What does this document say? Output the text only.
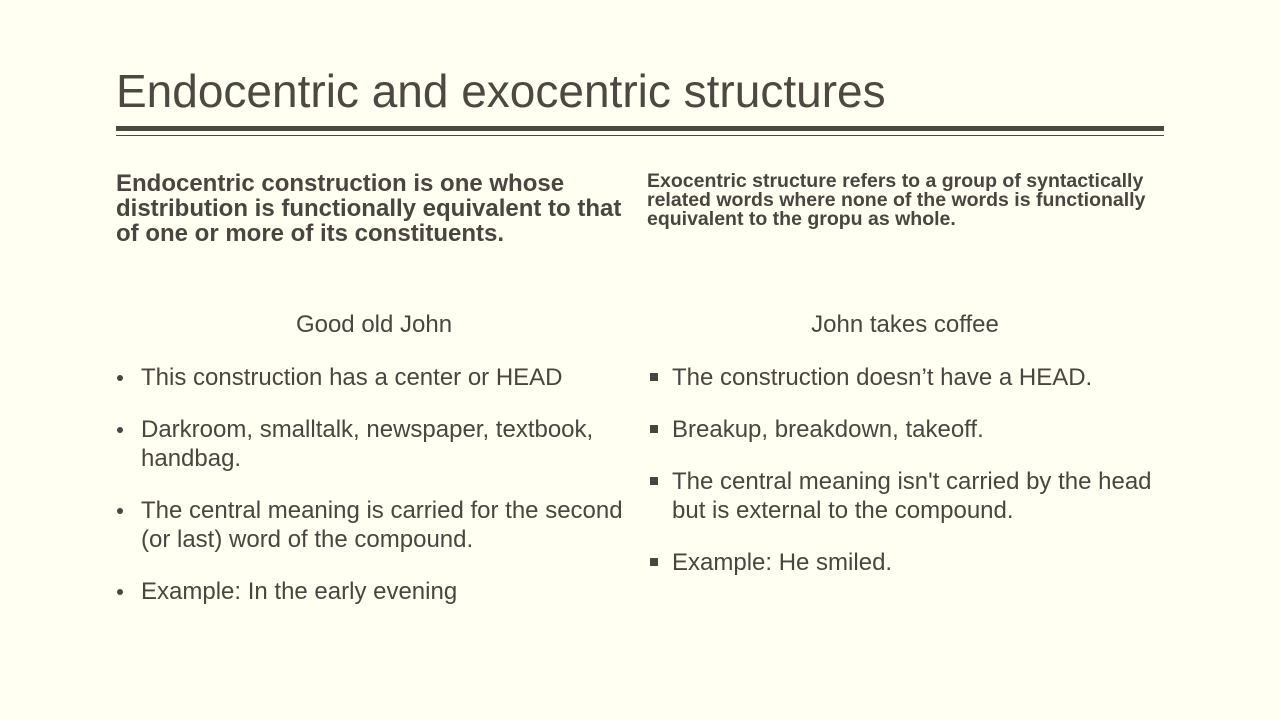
Endocentric and exocentric structures

Endocentric construction is one whose distribution is functionally equivalent to that of one or more of its constituents.

Good old John
This construction has a center or HEAD
Darkroom, smalltalk, newspaper, textbook, handbag.
The central meaning is carried for the second (or last) word of the compound.
Example: In the early evening

Exocentric structure refers to a group of syntactically related words where none of the words is functionally equivalent to the gropu as whole.

John takes coffee
The construction doesn’t have a HEAD.
Breakup, breakdown, takeoff.
The central meaning isn't carried by the head but is external to the compound.
Example: He smiled.
